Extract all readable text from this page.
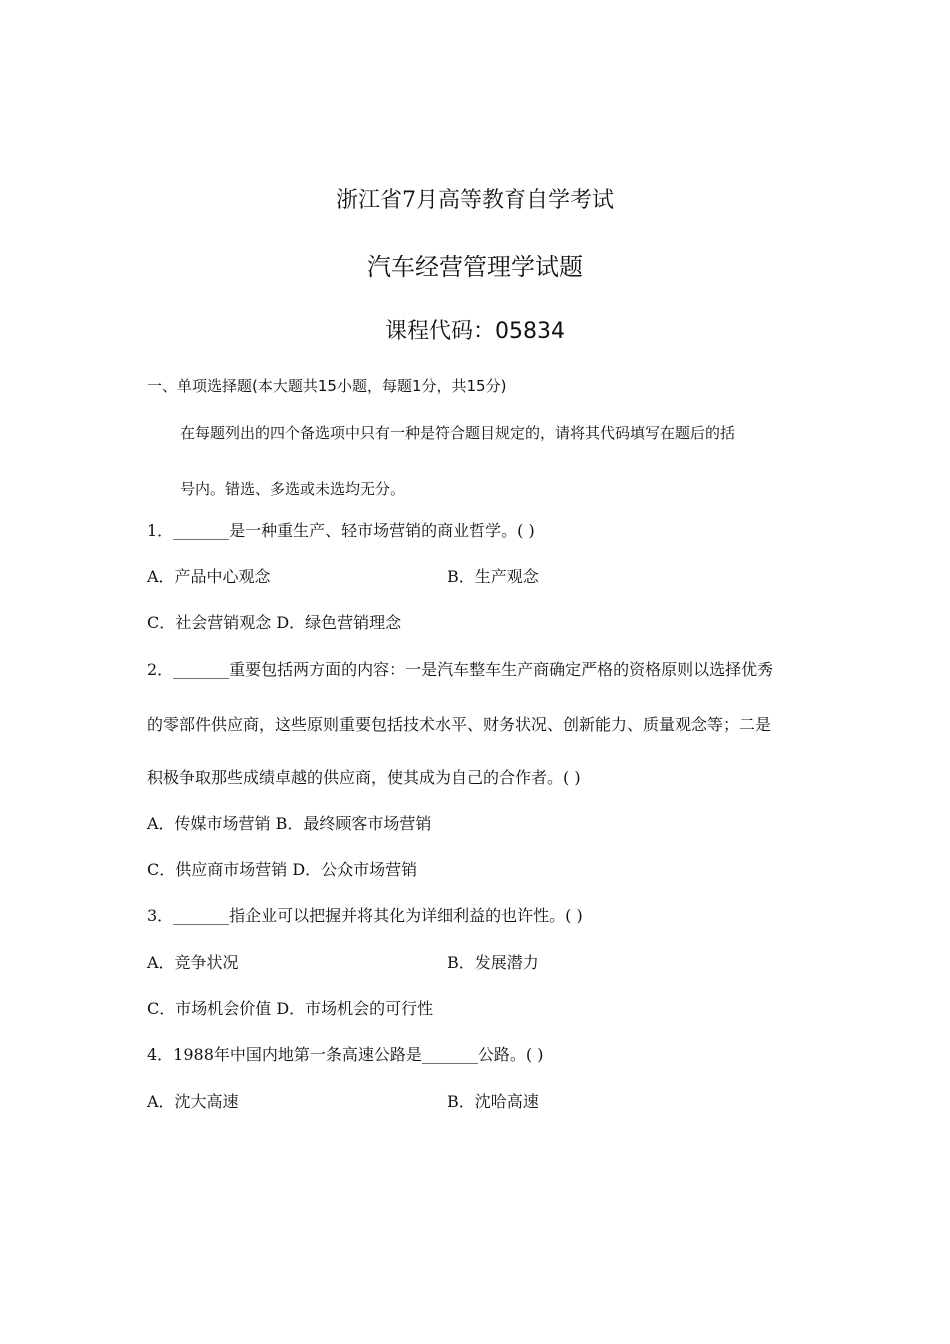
浙江省7月高等教育自学考试
汽车经营管理学试题
课程代码：05834
一、单项选择题(本大题共15小题，每题1分，共15分)
在每题列出的四个备选项中只有一种是符合题目规定的，请将其代码填写在题后的括
号内。错选、多选或未选均无分。
1．_______是一种重生产、轻市场营销的商业哲学。( )
A．产品中心观念	B．生产观念
C．社会营销观念 D．绿色营销理念
2．_______重要包括两方面的内容：一是汽车整车生产商确定严格的资格原则以选择优秀
的零部件供应商，这些原则重要包括技术水平、财务状况、创新能力、质量观念等；二是
积极争取那些成绩卓越的供应商，使其成为自己的合作者。( )
A．传媒市场营销 B．最终顾客市场营销
C．供应商市场营销 D．公众市场营销
3．_______指企业可以把握并将其化为详细利益的也许性。( )
A．竞争状况	B．发展潜力
C．市场机会价值 D．市场机会的可行性
4．1988年中国内地第一条高速公路是_______公路。( )
A．沈大高速	B．沈哈高速
